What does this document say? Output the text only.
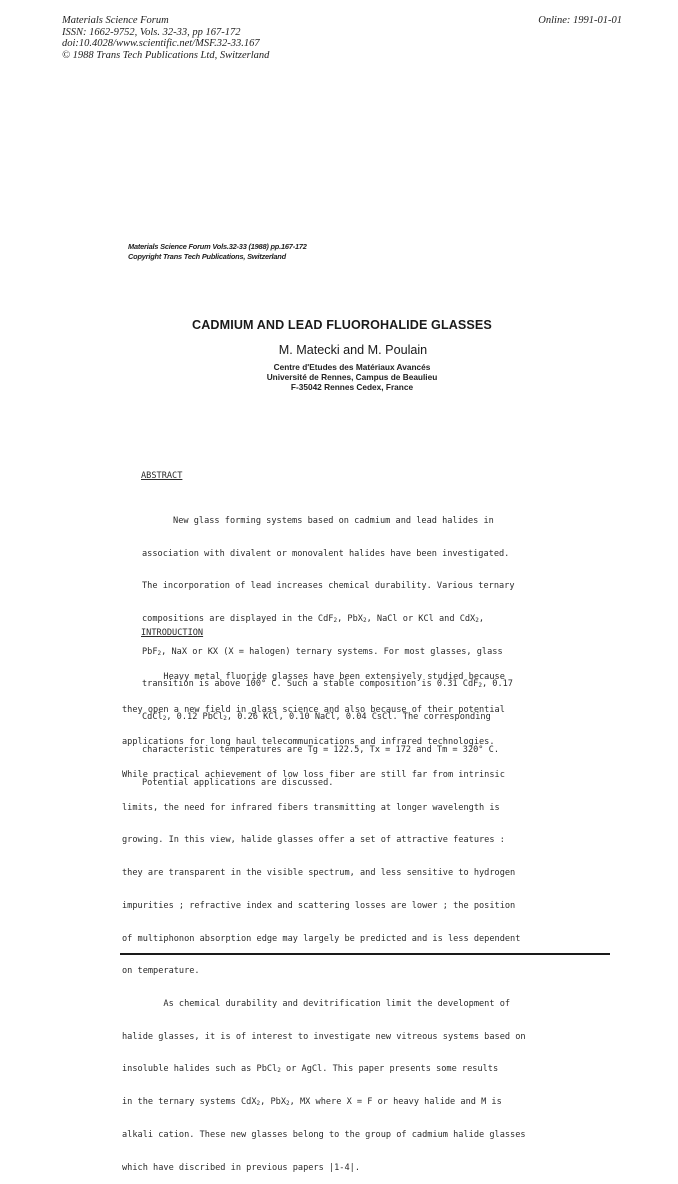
Materials Science Forum
ISSN: 1662-9752, Vols. 32-33, pp 167-172
doi:10.4028/www.scientific.net/MSF.32-33.167
© 1988 Trans Tech Publications Ltd, Switzerland
Online: 1991-01-01
Materials Science Forum Vols.32-33 (1988) pp.167-172
Copyright Trans Tech Publications, Switzerland
CADMIUM AND LEAD FLUOROHALIDE GLASSES
M. Matecki and M. Poulain
Centre d'Etudes des Matériaux Avancés
Université de Rennes, Campus de Beaulieu
F-35042 Rennes Cedex, France
ABSTRACT

New glass forming systems based on cadmium and lead halides in

association with divalent or monovalent halides have been investigated.

The incorporation of lead increases chemical durability. Various ternary

compositions are displayed in the CdF$_2$, PbX$_2$, NaCl or KCl and CdX$_2$,

PbF$_2$, NaX or KX (X = halogen) ternary systems. For most glasses, glass

transition is above 100° C. Such a stable composition is 0.31 CdF$_2$, 0.17

CdCl$_2$, 0.12 PbCl$_2$, 0.26 KCl, 0.10 NaCl, 0.04 CsCl. The corresponding

characteristic temperatures are Tg = 122.5, Tx = 172 and Tm = 320° C.

Potential applications are discussed.

INTRODUCTION

Heavy metal fluoride glasses have been extensively studied because

they open a new field in glass science and also because of their potential

applications for long haul telecommunications and infrared technologies.

While practical achievement of low loss fiber are still far from intrinsic

limits, the need for infrared fibers transmitting at longer wavelength is

growing. In this view, halide glasses offer a set of attractive features :

they are transparent in the visible spectrum, and less sensitive to hydrogen

impurities ; refractive index and scattering losses are lower ; the position

of multiphonon absorption edge may largely be predicted and is less dependent

on temperature.

As chemical durability and devitrification limit the development of

halide glasses, it is of interest to investigate new vitreous systems based on

insoluble halides such as PbCl$_2$ or AgCl. This paper presents some results

in the ternary systems CdX$_2$, PbX$_2$, MX where X = F or heavy halide and M is

alkali cation. These new glasses belong to the group of cadmium halide glasses

which have discribed in previous papers |1-4|.
